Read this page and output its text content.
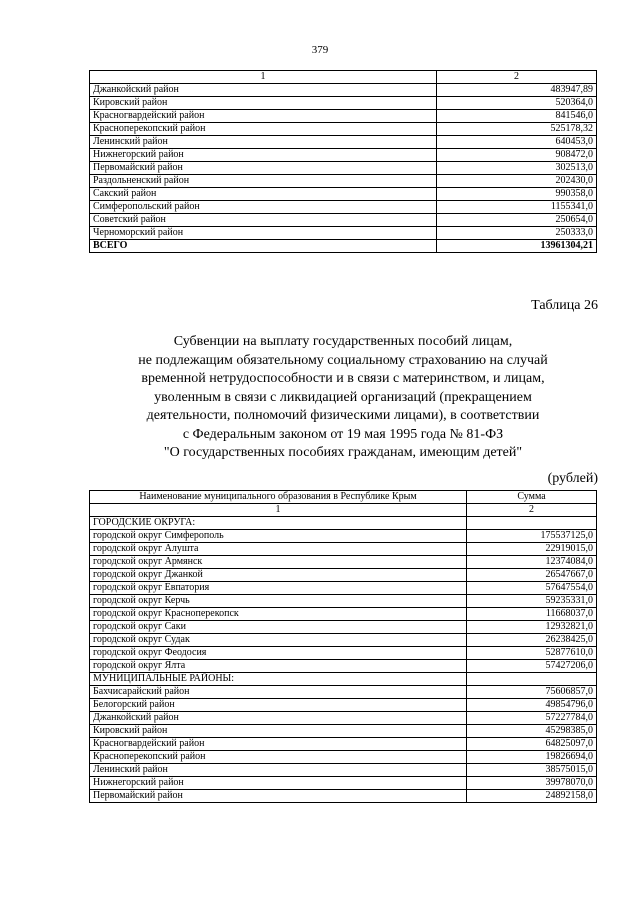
379
1	2
Джанкойский район	483947,89
Кировский район	520364,0
Красногвардейский район	841546,0
Красноперекопский район	525178,32
Ленинский район	640453,0
Нижнегорский район	908472,0
Первомайский район	302513,0
Раздольненский район	202430,0
Сакский район	990358,0
Симферопольский район	1155341,0
Советский район	250654,0
Черноморский район	250333,0
ВСЕГО	13961304,21
Таблица 26
Субвенции на выплату государственных пособий лицам,
не подлежащим обязательному социальному страхованию на случай
временной нетрудоспособности и в связи с материнством, и лицам,
уволенным в связи с ликвидацией организаций (прекращением
деятельности, полномочий физическими лицами), в соответствии
с Федеральным законом от 19 мая 1995 года № 81-ФЗ
"О государственных пособиях гражданам, имеющим детей"
(рублей)
Наименование муниципального образования в Республике Крым	Сумма
1	2
ГОРОДСКИЕ ОКРУГА:	
городской округ Симферополь	175537125,0
городской округ Алушта	22919015,0
городской округ Армянск	12374084,0
городской округ Джанкой	26547667,0
городской округ Евпатория	57647554,0
городской округ Керчь	59235331,0
городской округ Красноперекопск	11668037,0
городской округ Саки	12932821,0
городской округ Судак	26238425,0
городской округ Феодосия	52877610,0
городской округ Ялта	57427206,0
МУНИЦИПАЛЬНЫЕ РАЙОНЫ:	
Бахчисарайский район	75606857,0
Белогорский район	49854796,0
Джанкойский район	57227784,0
Кировский район	45298385,0
Красногвардейский район	64825097,0
Красноперекопский район	19826694,0
Ленинский район	38575015,0
Нижнегорский район	39978070,0
Первомайский район	24892158,0
